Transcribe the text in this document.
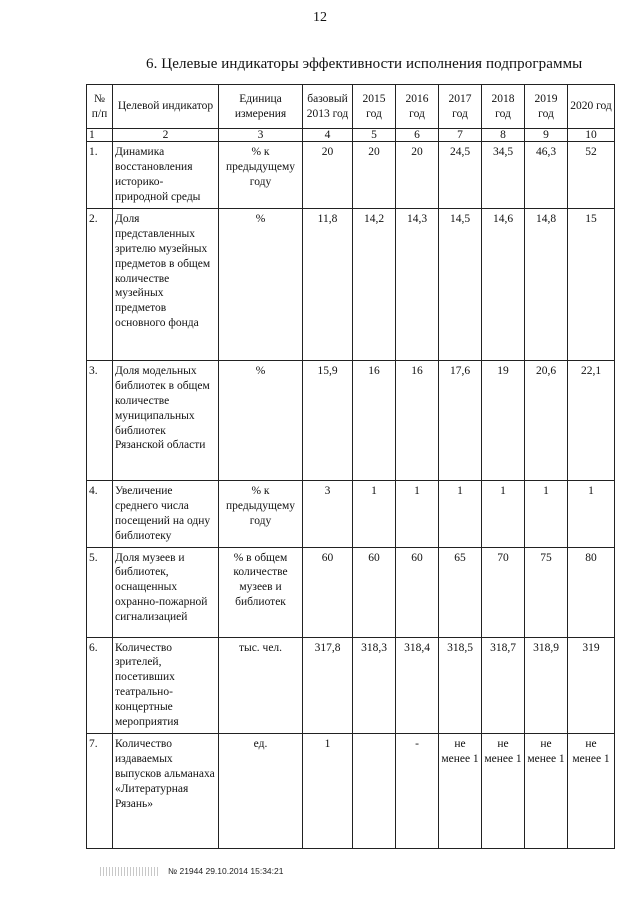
12
6. Целевые индикаторы эффективности исполнения подпрограммы
№ п/п	Целевой индикатор	Единица измерения	базовый 2013 год	2015 год	2016 год	2017 год	2018 год	2019 год	2020 год
1	2	3	4	5	6	7	8	9	10
1.	Динамика восстановления историко-природной среды	% к предыдущему году	20	20	20	24,5	34,5	46,3	52
2.	Доля представленных зрителю музейных предметов в общем количестве музейных предметов основного фонда	%	11,8	14,2	14,3	14,5	14,6	14,8	15
3.	Доля модельных библиотек в общем количестве муниципальных библиотек Рязанской области	%	15,9	16	16	17,6	19	20,6	22,1
4.	Увеличение среднего числа посещений на одну библиотеку	% к предыдущему году	3	1	1	1	1	1	1
5.	Доля музеев и библиотек, оснащенных охранно-пожарной сигнализацией	% в общем количестве музеев и библиотек	60	60	60	65	70	75	80
6.	Количество зрителей, посетивших театрально-концертные мероприятия	тыс. чел.	317,8	318,3	318,4	318,5	318,7	318,9	319
7.	Количество издаваемых выпусков альманаха «Литературная Рязань»	ед.	1		-	не менее 1	не менее 1	не менее 1	не менее 1
№ 21944 29.10.2014 15:34:21
